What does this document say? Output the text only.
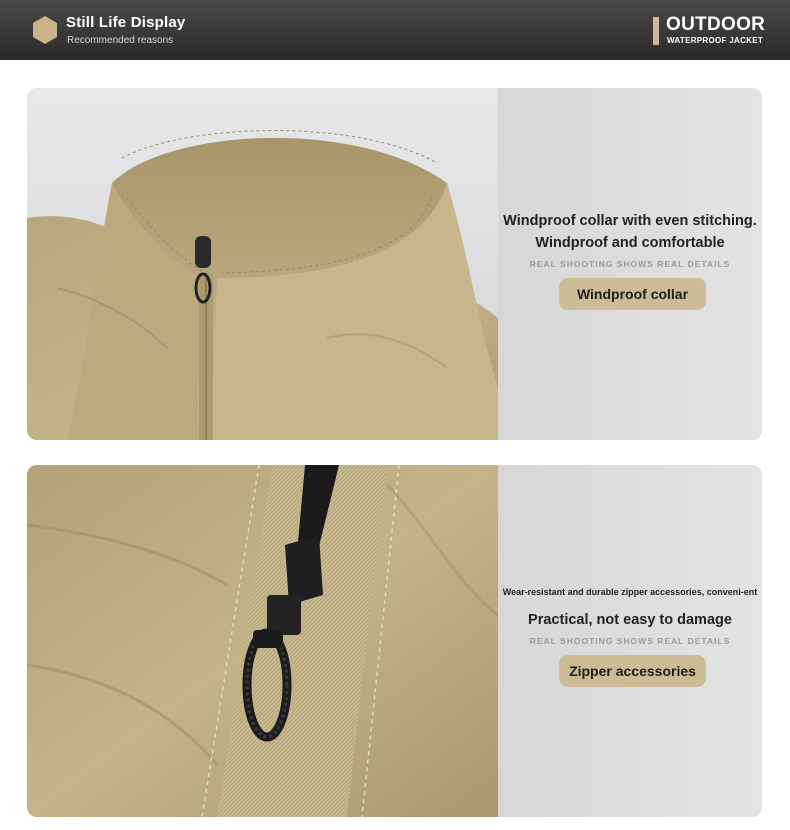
Still Life Display
Recommended reasons
OUTDOOR
WATERPROOF JACKET
Windproof collar with even stitching.
Windproof and comfortable
REAL SHOOTING SHOWS REAL DETAILS
Windproof collar
Wear-resistant and durable zipper accessories, conveni-ent
Practical, not easy to damage
REAL SHOOTING SHOWS REAL DETAILS
Zipper accessories
